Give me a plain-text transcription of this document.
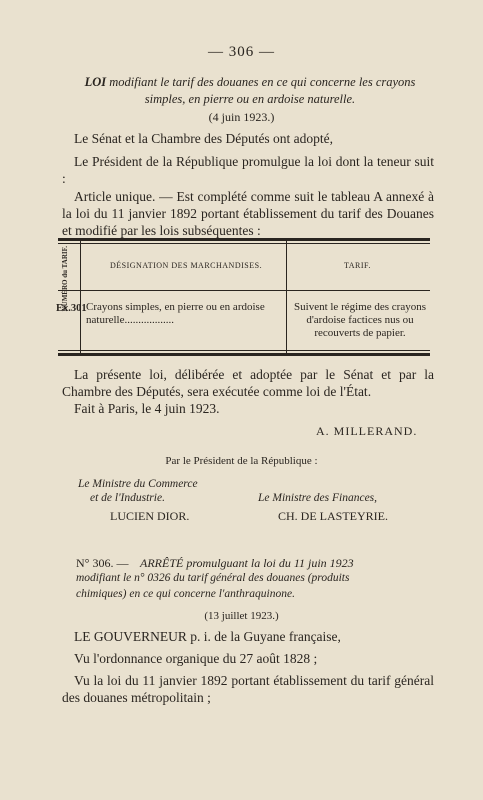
— 306 —
LOI modifiant le tarif des douanes en ce qui concerne les crayons
simples, en pierre ou en ardoise naturelle.
(4 juin 1923.)
Le Sénat et la Chambre des Députés ont adopté,
Le Président de la République promulgue la loi dont la teneur suit :
Article unique. — Est complété comme suit le tableau A annexé à la loi du 11 janvier 1892 portant établissement du tarif des Douanes et modifié par les lois subséquentes :
NUMÉRO du TARIF.	DÉSIGNATION DES MARCHANDISES.	TARIF.
Ex.301 Crayons simples, en pierre ou en ardoise naturelle..................
Suivent le régime des crayons d'ardoise factices nus ou recouverts de papier.
La présente loi, délibérée et adoptée par le Sénat et par la Chambre des Députés, sera exécutée comme loi de l'État.
Fait à Paris, le 4 juin 1923.
A. MILLERAND.
Par le Président de la République :
Le Ministre du Commerce
et de l'Industrie.
LUCIEN DIOR.
Le Ministre des Finances,
CH. DE LASTEYRIE.
N° 306. — ARRÊTÉ promulguant la loi du 11 juin 1923
modifiant le n° 0326 du tarif général des douanes (produits
chimiques) en ce qui concerne l'anthraquinone.
(13 juillet 1923.)
LE GOUVERNEUR p. i. de la Guyane française,
Vu l'ordonnance organique du 27 août 1828 ;
Vu la loi du 11 janvier 1892 portant établissement du tarif général des douanes métropolitain ;
